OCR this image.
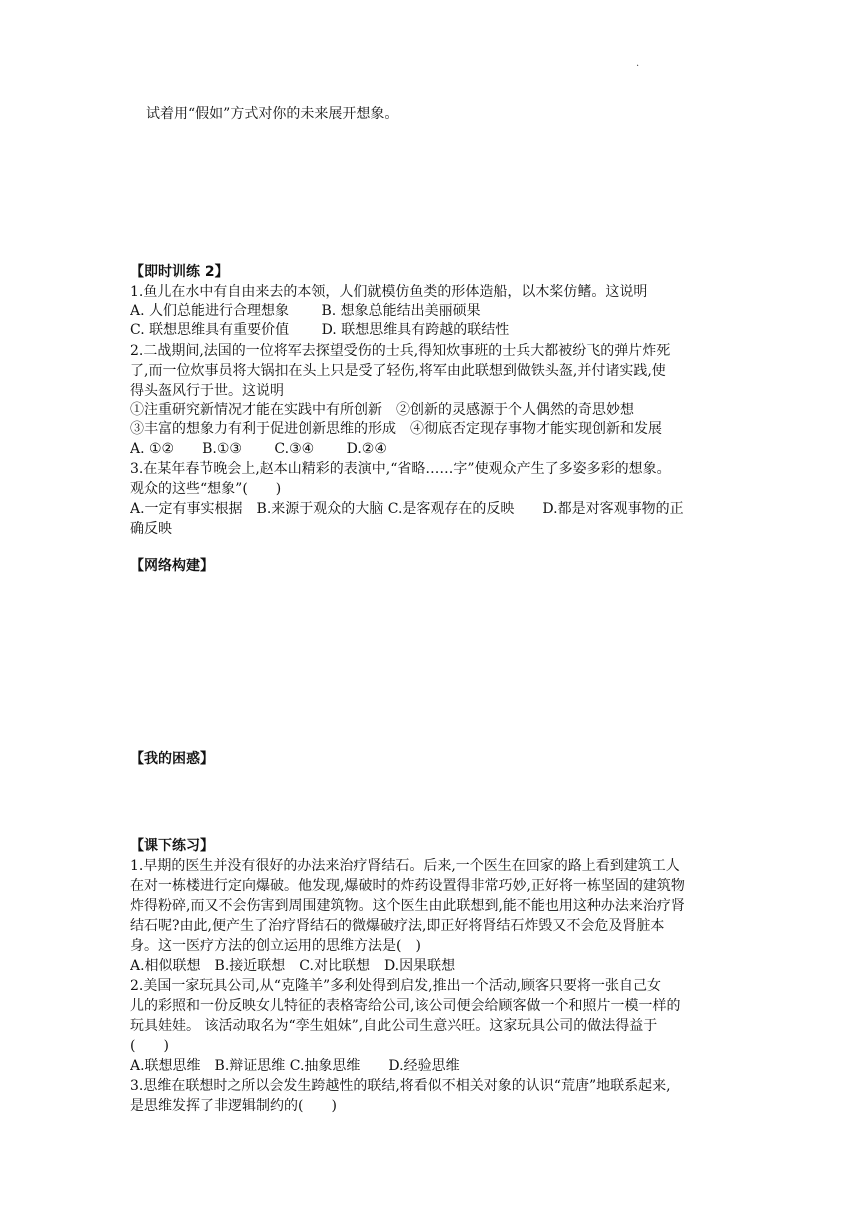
.
试着用“假如”方式对你的未来展开想象。
【即时训练 2】
1.鱼儿在水中有自由来去的本领，人们就模仿鱼类的形体造船，以木桨仿鳍。这说明
A. 人们总能进行合理想象　　 B. 想象总能结出美丽硕果
C. 联想思维具有重要价值　　 D. 联想思维具有跨越的联结性
2.二战期间,法国的一位将军去探望受伤的士兵,得知炊事班的士兵大都被纷飞的弹片炸死
了,而一位炊事员将大锅扣在头上只是受了轻伤,将军由此联想到做铁头盔,并付诸实践,使
得头盔风行于世。这说明
①注重研究新情况才能在实践中有所创新　②创新的灵感源于个人偶然的奇思妙想
③丰富的想象力有利于促进创新思维的形成　④彻底否定现存事物才能实现创新和发展
A. ①②　　B.①③　　 C.③④　　 D.②④
3.在某年春节晚会上,赵本山精彩的表演中,“省略……字”使观众产生了多姿多彩的想象。
观众的这些“想象”(　　)
A.一定有事实根据　B.来源于观众的大脑 C.是客观存在的反映　　D.都是对客观事物的正
确反映
【网络构建】
【我的困惑】
【课下练习】
1.早期的医生并没有很好的办法来治疗肾结石。后来,一个医生在回家的路上看到建筑工人
在对一栋楼进行定向爆破。他发现,爆破时的炸药设置得非常巧妙,正好将一栋坚固的建筑物
炸得粉碎,而又不会伤害到周围建筑物。这个医生由此联想到,能不能也用这种办法来治疗肾
结石呢?由此,便产生了治疗肾结石的微爆破疗法,即正好将肾结石炸毁又不会危及肾脏本
身。这一医疗方法的创立运用的思维方法是(　)
A.相似联想　B.接近联想　C.对比联想　D.因果联想
2.美国一家玩具公司,从“克隆羊”多利处得到启发,推出一个活动,顾客只要将一张自己女
儿的彩照和一份反映女儿特征的表格寄给公司,该公司便会给顾客做一个和照片一模一样的
玩具娃娃。 该活动取名为“孪生姐妹”,自此公司生意兴旺。这家玩具公司的做法得益于
(　　)
A.联想思维　B.辩证思维 C.抽象思维　　D.经验思维
3.思维在联想时之所以会发生跨越性的联结,将看似不相关对象的认识“荒唐”地联系起来,
是思维发挥了非逻辑制约的(　　)
